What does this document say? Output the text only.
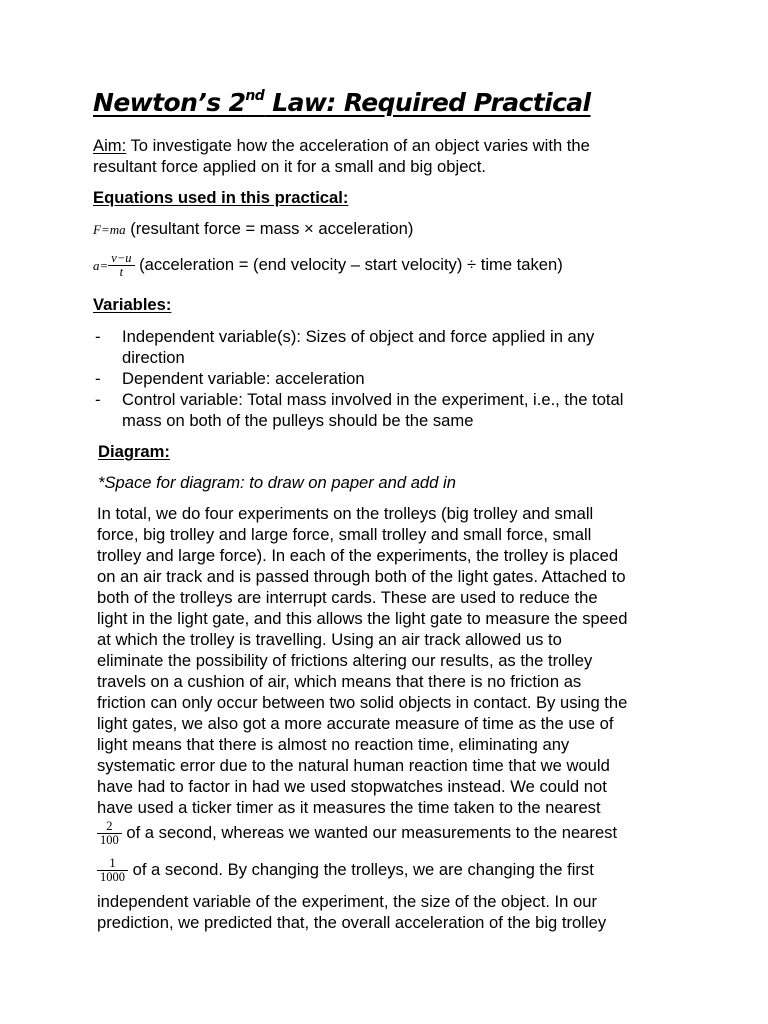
Newton’s 2nd Law: Required Practical
Aim: To investigate how the acceleration of an object varies with the
resultant force applied on it for a small and big object.
Equations used in this practical:
F=ma (resultant force = mass × acceleration)
$a= \frac{v-u}{t}$ (acceleration = (end velocity – start velocity) ÷ time taken)
Variables:
- Independent variable(s): Sizes of object and force applied in any
direction
- Dependent variable: acceleration
- Control variable: Total mass involved in the experiment, i.e., the total
mass on both of the pulleys should be the same
Diagram:
*Space for diagram: to draw on paper and add in
In total, we do four experiments on the trolleys (big trolley and small
force, big trolley and large force, small trolley and small force, small
trolley and large force). In each of the experiments, the trolley is placed
on an air track and is passed through both of the light gates. Attached to
both of the trolleys are interrupt cards. These are used to reduce the
light in the light gate, and this allows the light gate to measure the speed
at which the trolley is travelling. Using an air track allowed us to
eliminate the possibility of frictions altering our results, as the trolley
travels on a cushion of air, which means that there is no friction as
friction can only occur between two solid objects in contact. By using the
light gates, we also got a more accurate measure of time as the use of
light means that there is almost no reaction time, eliminating any
systematic error due to the natural human reaction time that we would
have had to factor in had we used stopwatches instead. We could not
have used a ticker timer as it measures the time taken to the nearest
$\frac{2}{100}$ of a second, whereas we wanted our measurements to the nearest
$\frac{1}{1000}$ of a second. By changing the trolleys, we are changing the first
independent variable of the experiment, the size of the object. In our
prediction, we predicted that, the overall acceleration of the big trolley
